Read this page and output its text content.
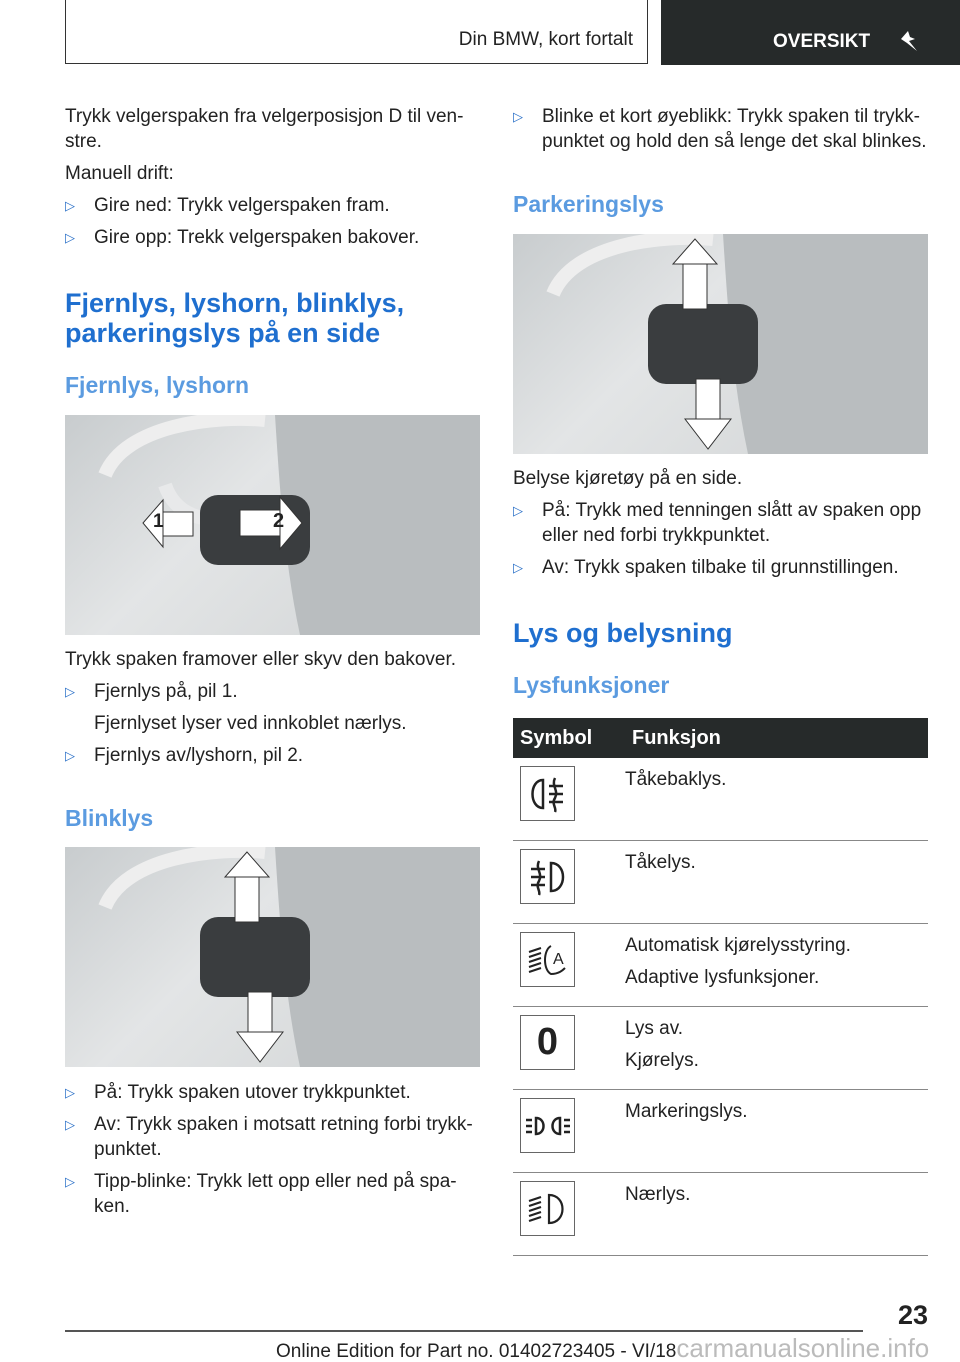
Din BMW, kort fortalt	OVERSIKT

Trykk velgerspaken fra velgerposisjon D til ven-stre.

Manuell drift:

▷ Gire ned: Trykk velgerspaken fram.
▷ Gire opp: Trekk velgerspaken bakover.
Fjernlys, lyshorn, blinklys, parkeringslys på en side
Fjernlys, lyshorn
1	2

Trykk spaken framover eller skyv den bakover.

▷ Fjernlys på, pil 1.

Fjernlyset lyser ved innkoblet nærlys.

▷ Fjernlys av/lyshorn, pil 2.
Blinklys
▷ På: Trykk spaken utover trykkpunktet.
▷ Av: Trykk spaken i motsatt retning forbi trykk-punktet.
▷ Tipp-blinke: Trykk lett opp eller ned på spa-ken.
▷ Blinke et kort øyeblikk: Trykk spaken til trykk-punktet og hold den så lenge det skal blinkes.
Parkeringslys

Belyse kjøretøy på en side.

▷ På: Trykk med tenningen slått av spaken opp eller ned forbi trykkpunktet.
▷ Av: Trykk spaken tilbake til grunnstillingen.
Lys og belysning
Lysfunksjoner
Symbol	Funksjon

Tåkebaklys.

Tåkelys.

A	Automatisk kjørelysstyring.
Adaptive lysfunksjoner.

0	Lys av.
Kjørelys.

Markeringslys.

Nærlys.
23
Online Edition for Part no. 01402723405 - VI/18carmanualsonline.info
